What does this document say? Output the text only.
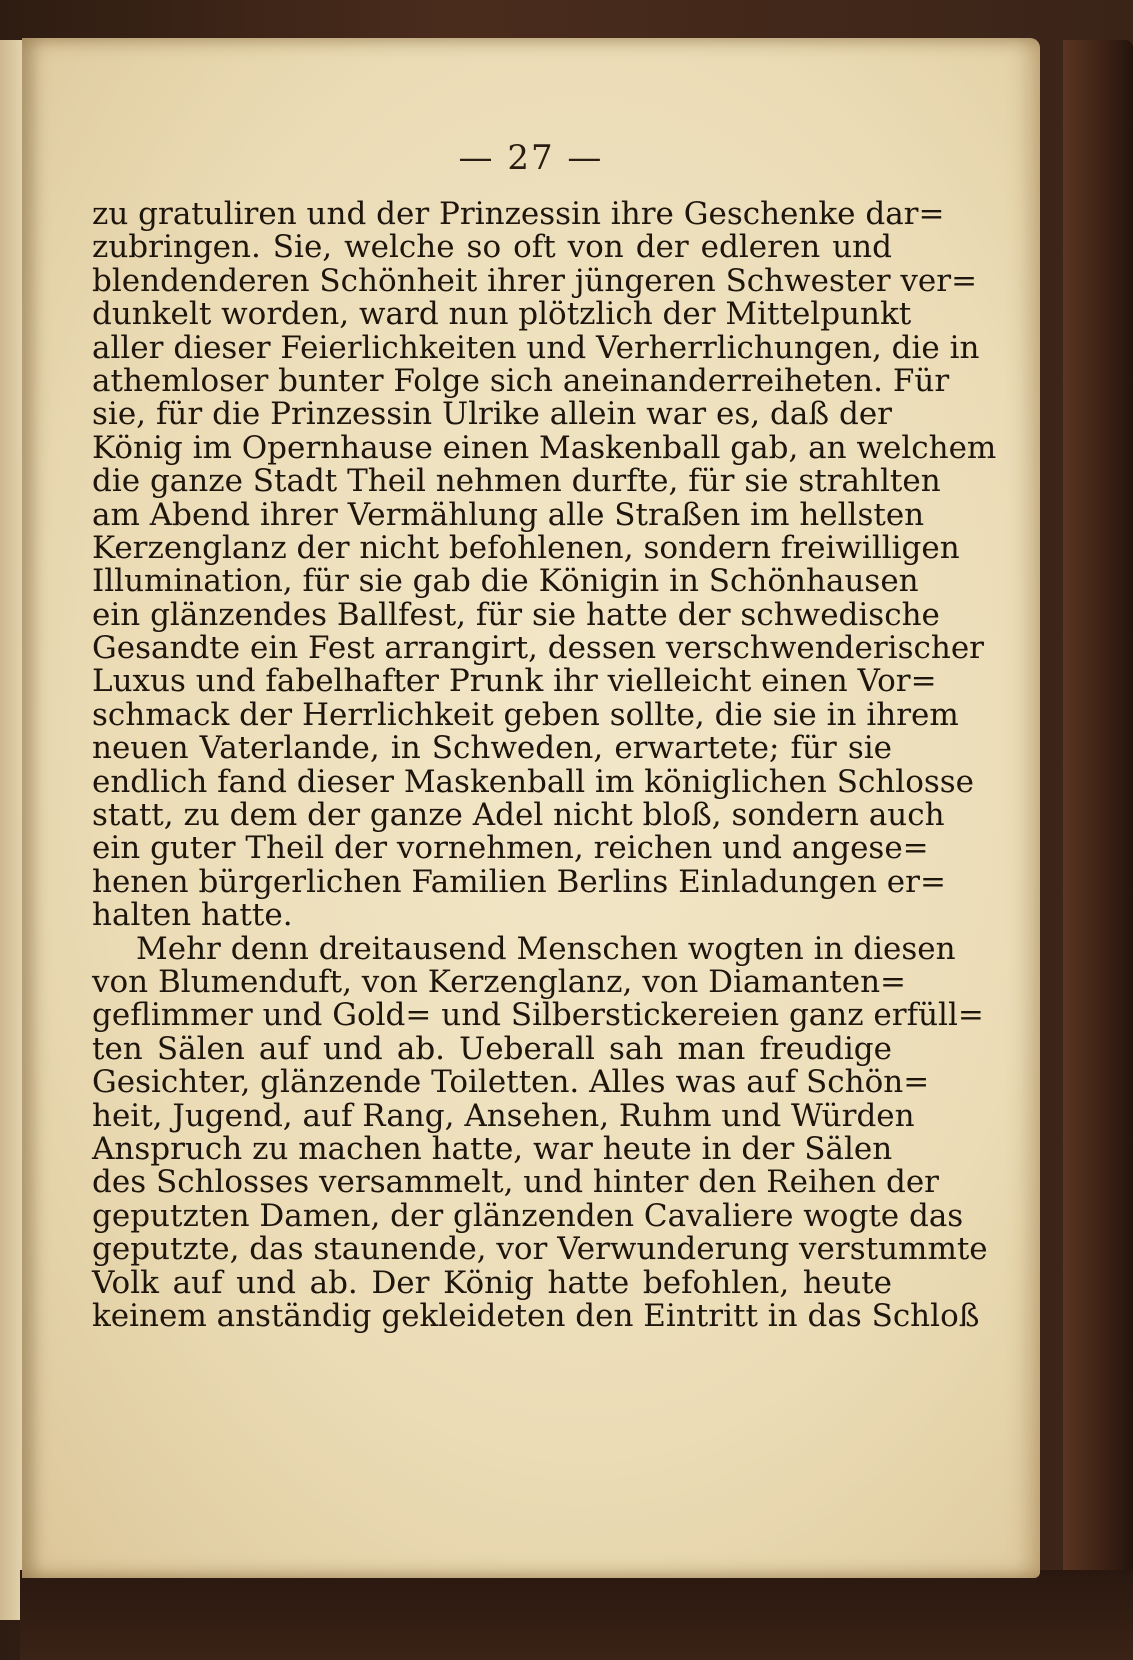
— 27 —
zu gratuliren und der Prinzessin ihre Geschenke dar=
zubringen. Sie, welche so oft von der edleren und
blendenderen Schönheit ihrer jüngeren Schwester ver=
dunkelt worden, ward nun plötzlich der Mittelpunkt
aller dieser Feierlichkeiten und Verherrlichungen, die in
athemloser bunter Folge sich aneinanderreiheten. Für
sie, für die Prinzessin Ulrike allein war es, daß der
König im Opernhause einen Maskenball gab, an welchem
die ganze Stadt Theil nehmen durfte, für sie strahlten
am Abend ihrer Vermählung alle Straßen im hellsten
Kerzenglanz der nicht befohlenen, sondern freiwilligen
Illumination, für sie gab die Königin in Schönhausen
ein glänzendes Ballfest, für sie hatte der schwedische
Gesandte ein Fest arrangirt, dessen verschwenderischer
Luxus und fabelhafter Prunk ihr vielleicht einen Vor=
schmack der Herrlichkeit geben sollte, die sie in ihrem
neuen Vaterlande, in Schweden, erwartete; für sie
endlich fand dieser Maskenball im königlichen Schlosse
statt, zu dem der ganze Adel nicht bloß, sondern auch
ein guter Theil der vornehmen, reichen und angese=
henen bürgerlichen Familien Berlins Einladungen er=
halten hatte.
Mehr denn dreitausend Menschen wogten in diesen
von Blumenduft, von Kerzenglanz, von Diamanten=
geflimmer und Gold= und Silberstickereien ganz erfüll=
ten Sälen auf und ab. Ueberall sah man freudige
Gesichter, glänzende Toiletten. Alles was auf Schön=
heit, Jugend, auf Rang, Ansehen, Ruhm und Würden
Anspruch zu machen hatte, war heute in der Sälen
des Schlosses versammelt, und hinter den Reihen der
geputzten Damen, der glänzenden Cavaliere wogte das
geputzte, das staunende, vor Verwunderung verstummte
Volk auf und ab. Der König hatte befohlen, heute
keinem anständig gekleideten den Eintritt in das Schloß
